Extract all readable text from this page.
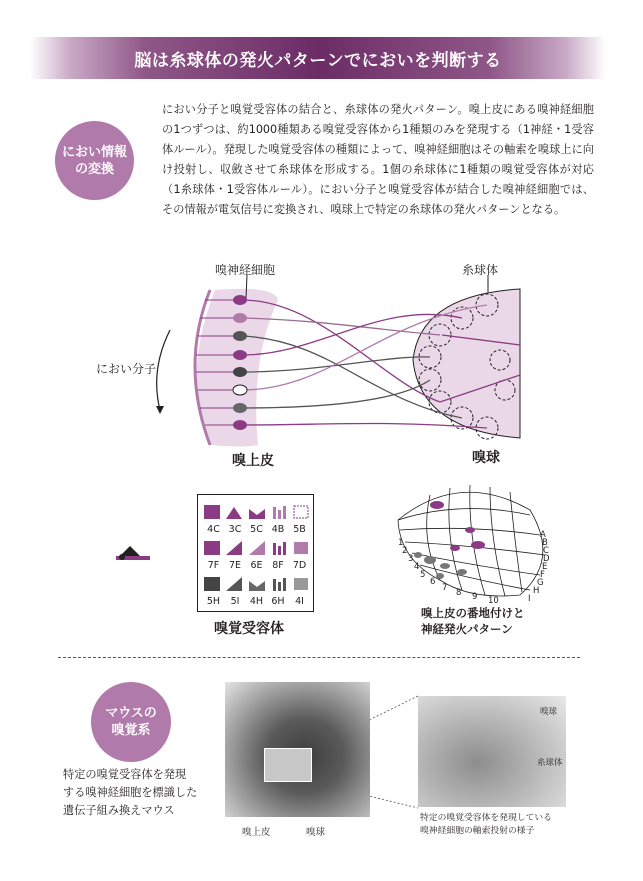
脳は糸球体の発火パターンでにおいを判断する
におい情報
の変換
におい分子と嗅覚受容体の結合と、糸球体の発火パターン。嗅上皮にある嗅神経細胞の1つずつは、約1000種類ある嗅覚受容体から1種類のみを発現する（1神経・1受容体ルール）。発現した嗅覚受容体の種類によって、嗅神経細胞はその軸索を嗅球上に向け投射し、収斂させて糸球体を形成する。1個の糸球体に1種類の嗅覚受容体が対応（1糸球体・1受容体ルール）。におい分子と嗅覚受容体が結合した嗅神経細胞では、その情報が電気信号に変換され、嗅球上で特定の糸球体の発火パターンとなる。
嗅神経細胞	糸球体
におい分子
嗅上皮	嗅球
4C 3C 5C 4B 5B
7F	7E 6E	8F 7D
5H	5I	4H 6H	4I
嗅覚受容体
1
2
3
4
5
6
7 8 9 10
A
B
C
D
E
F
G
H
I
嗅上皮の番地付けと
神経発火パターン
マウスの
嗅覚系
特定の嗅覚受容体を発現
する嗅神経細胞を標識した
遺伝子組み換えマウス
嗅上皮	嗅球
嗅球
糸球体
特定の嗅覚受容体を発現している
嗅神経細胞の軸索投射の様子
